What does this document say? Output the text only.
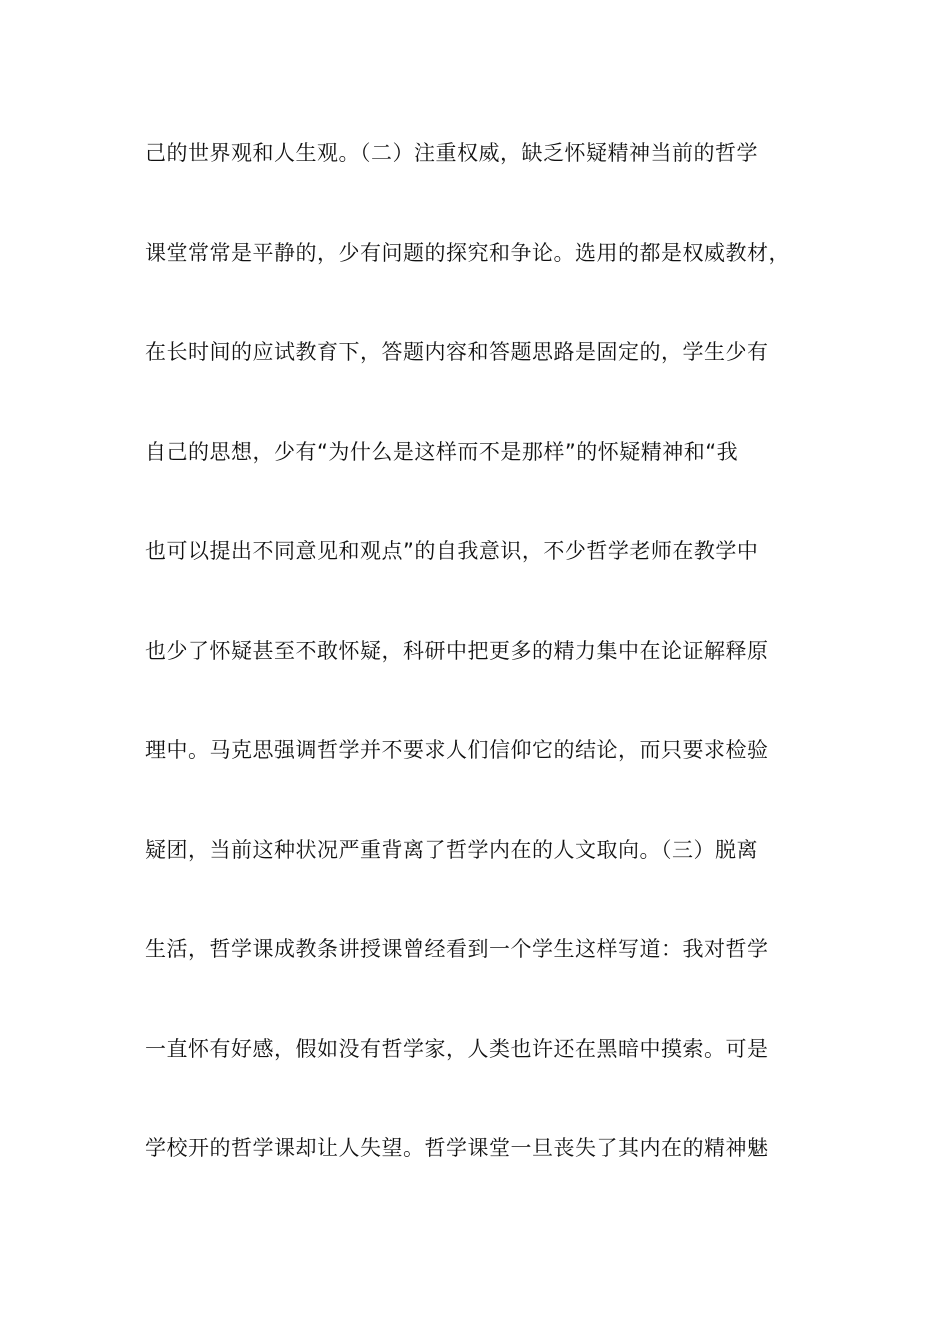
己的世界观和人生观。（二）注重权威，缺乏怀疑精神当前的哲学
课堂常常是平静的，少有问题的探究和争论。选用的都是权威教材，
在长时间的应试教育下，答题内容和答题思路是固定的，学生少有
自己的思想，少有“为什么是这样而不是那样”的怀疑精神和“我
也可以提出不同意见和观点”的自我意识，不少哲学老师在教学中
也少了怀疑甚至不敢怀疑，科研中把更多的精力集中在论证解释原
理中。马克思强调哲学并不要求人们信仰它的结论，而只要求检验
疑团，当前这种状况严重背离了哲学内在的人文取向。（三）脱离
生活，哲学课成教条讲授课曾经看到一个学生这样写道：我对哲学
一直怀有好感，假如没有哲学家，人类也许还在黑暗中摸索。可是
学校开的哲学课却让人失望。哲学课堂一旦丧失了其内在的精神魅
